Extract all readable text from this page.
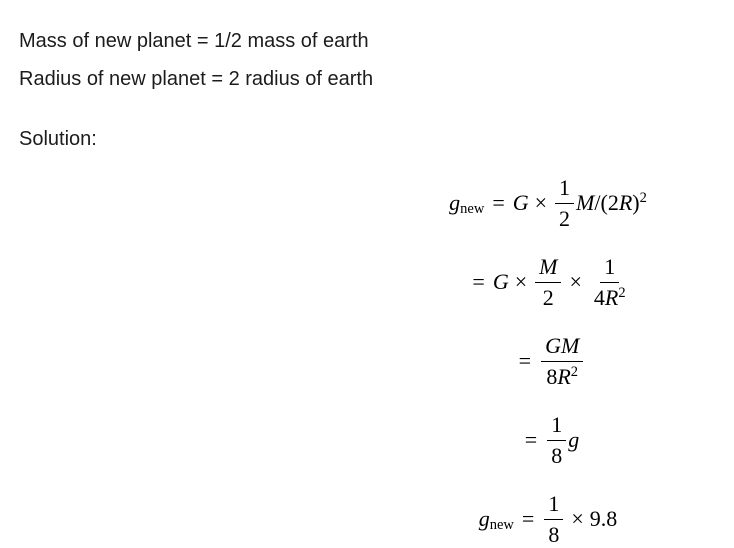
Mass of new planet = 1/2 mass of earth
Radius of new planet = 2 radius of earth
Solution:
$g_{new} = G \times \frac{1}{2} M/(2R)^2$
= $G \times \frac{M}{2} \times \frac{1}{4R^2}$
= $\frac{GM}{8R^2}$
= $\frac{1}{8}$ g
$g_{new} = \frac{1}{8} \times 9.8$
